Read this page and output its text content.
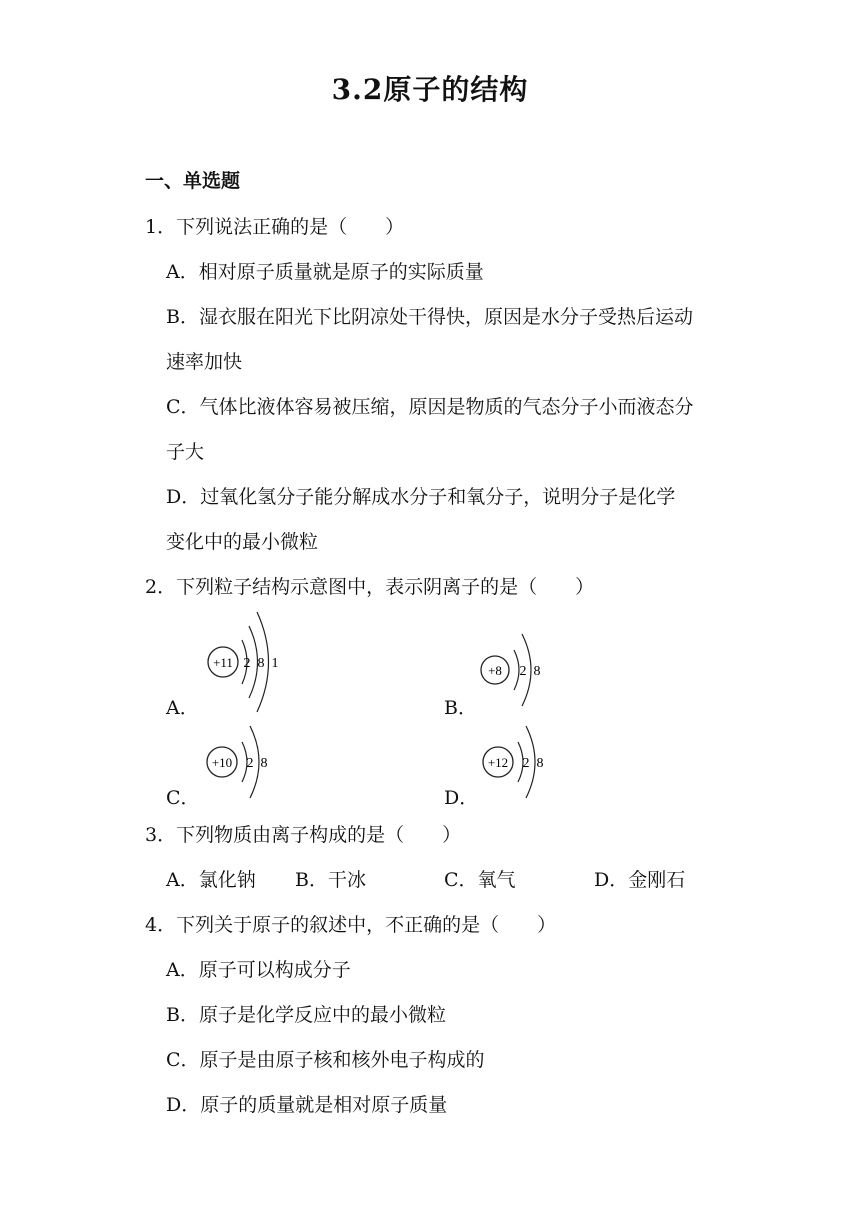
3.2原子的结构
一、单选题
1．下列说法正确的是（　　）
A．相对原子质量就是原子的实际质量
B．湿衣服在阳光下比阴凉处干得快，原因是水分子受热后运动
速率加快
C．气体比液体容易被压缩，原因是物质的气态分子小而液态分
子大
D．过氧化氢分子能分解成水分子和氧分子，说明分子是化学
变化中的最小微粒
2．下列粒子结构示意图中，表示阴离子的是（　　）
A．
+11 2 8 1
B．
+8 2 8
C．
+10 2 8
D．
+12 2 8
3．下列物质由离子构成的是（　　）
A．氯化钠 B．干冰	C．氧气	D．金刚石
4．下列关于原子的叙述中，不正确的是（　　）
A．原子可以构成分子
B．原子是化学反应中的最小微粒
C．原子是由原子核和核外电子构成的
D．原子的质量就是相对原子质量
